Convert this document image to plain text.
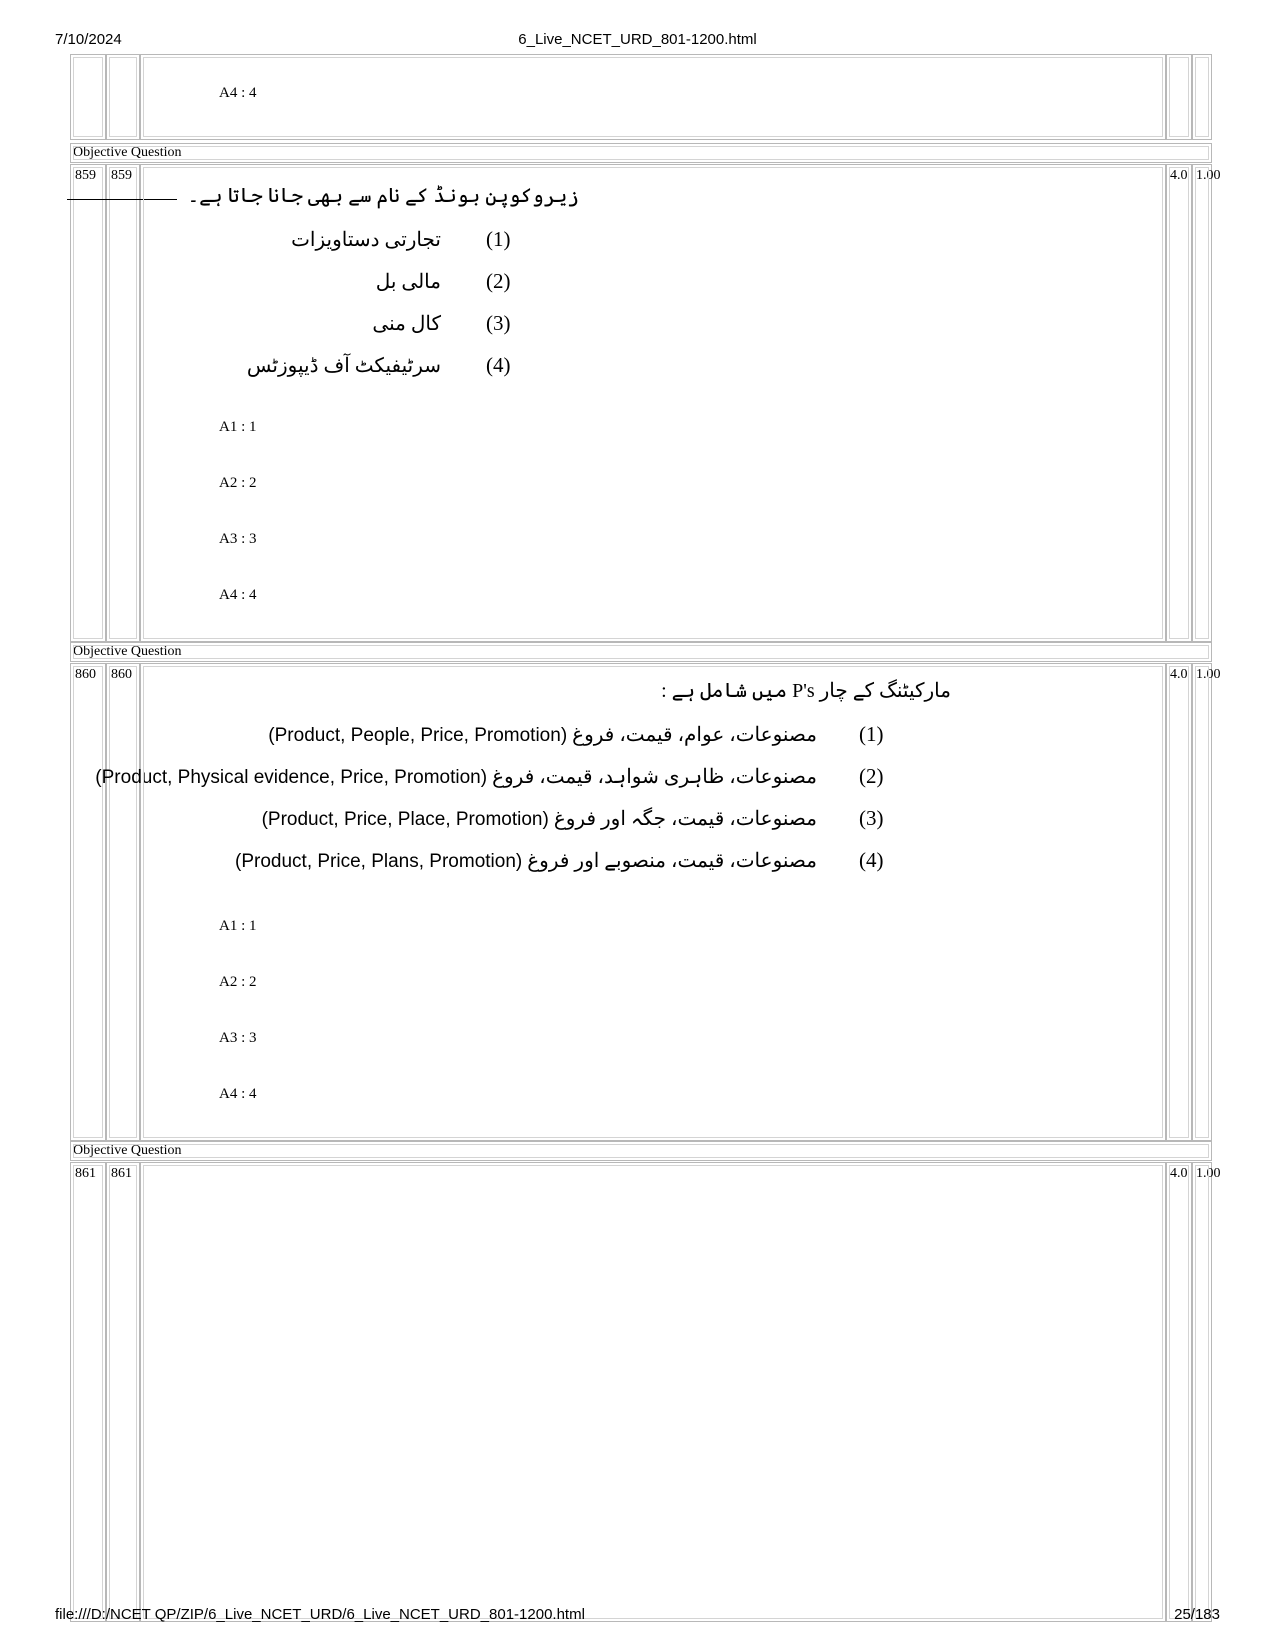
7/10/2024	6_Live_NCET_URD_801-1200.html
A4 : 4
Objective Question
859	859
زیروکوپن بونڈ کے نام سے بھی جانا جاتا ہے۔
(1)
تجارتی دستاویزات
(2)
مالی بل
(3)
کال منی
(4)
سرٹیفیکٹ آف ڈیپوزٹس
A1 : 1
A2 : 2
A3 : 3
A4 : 4
4.0 1.00
Objective Question
860	860
مارکیٹنگ کے چار P's میں شامل ہے :
(1)
مصنوعات، عوام، قیمت، فروغ (Product, People, Price, Promotion)
(2)
مصنوعات، ظاہری شواہد، قیمت، فروغ (Product, Physical evidence, Price, Promotion)
(3)
مصنوعات، قیمت، جگہ اور فروغ (Product, Price, Place, Promotion)
(4)
مصنوعات، قیمت، منصوبے اور فروغ (Product, Price, Plans, Promotion)
A1 : 1
A2 : 2
A3 : 3
A4 : 4
4.0 1.00
Objective Question
861	861	4.0 1.00
file:///D:/NCET QP/ZIP/6_Live_NCET_URD/6_Live_NCET_URD_801-1200.html	25/183
